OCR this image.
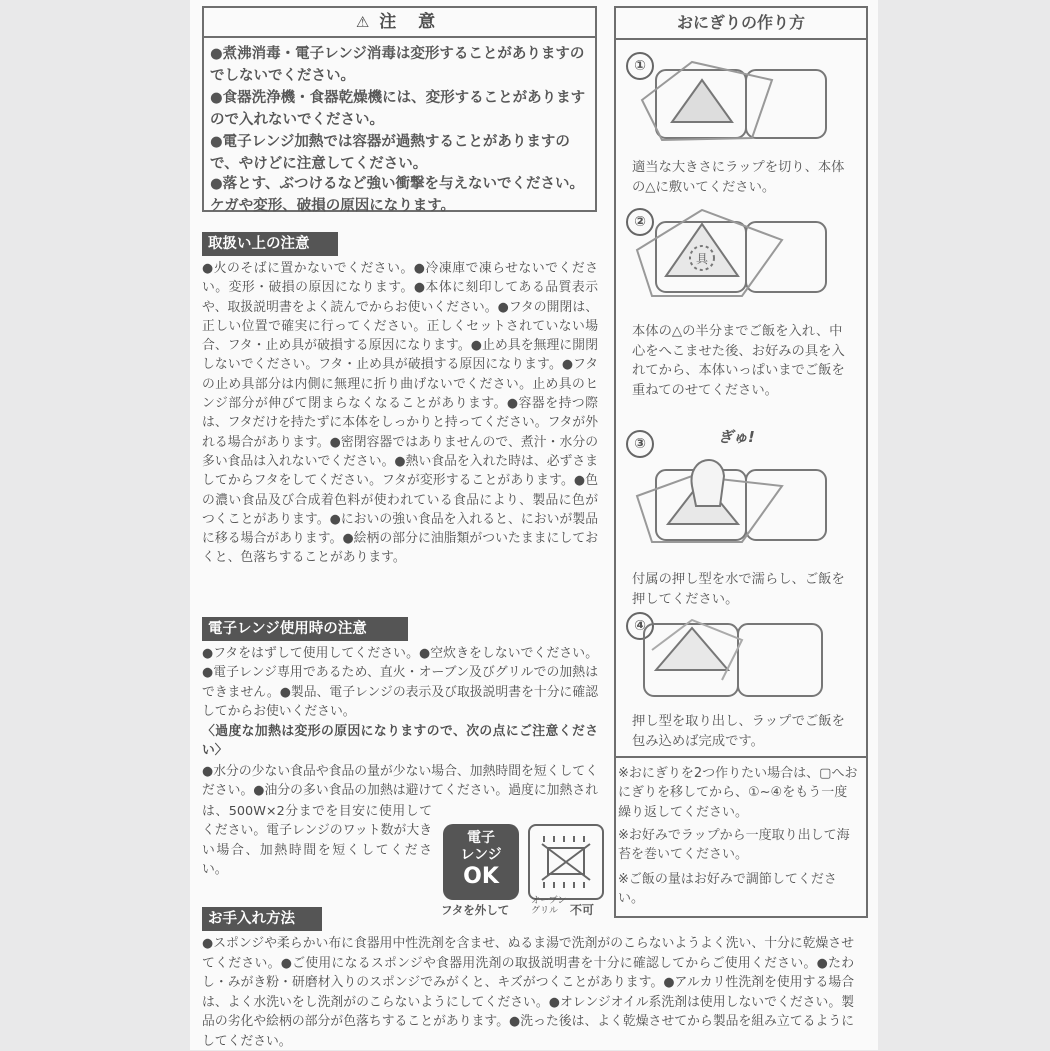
⚠ 注 意
●煮沸消毒・電子レンジ消毒は変形することがありますのでしないでください。
●食器洗浄機・食器乾燥機には、変形することがありますので入れないでください。
●電子レンジ加熱では容器が過熱することがありますので、やけどに注意してください。
●落とす、ぶつけるなど強い衝撃を与えないでください。ケガや変形、破損の原因になります。
取扱い上の注意
●火のそばに置かないでください。●冷凍庫で凍らせないでください。変形・破損の原因になります。●本体に刻印してある品質表示や、取扱説明書をよく読んでからお使いください。●フタの開閉は、正しい位置で確実に行ってください。正しくセットされていない場合、フタ・止め具が破損する原因になります。●止め具を無理に開閉しないでください。フタ・止め具が破損する原因になります。●フタの止め具部分は内側に無理に折り曲げないでください。止め具のヒンジ部分が伸びて閉まらなくなることがあります。●容器を持つ際は、フタだけを持たずに本体をしっかりと持ってください。フタが外れる場合があります。●密閉容器ではありませんので、煮汁・水分の多い食品は入れないでください。●熱い食品を入れた時は、必ずさましてからフタをしてください。フタが変形することがあります。●色の濃い食品及び合成着色料が使われている食品により、製品に色がつくことがあります。●においの強い食品を入れると、においが製品に移る場合があります。●絵柄の部分に油脂類がついたままにしておくと、色落ちすることがあります。
電子レンジ使用時の注意
●フタをはずして使用してください。●空炊きをしないでください。●電子レンジ専用であるため、直火・オーブン及びグリルでの加熱はできません。●製品、電子レンジの表示及び取扱説明書を十分に確認してからお使いください。
〈過度な加熱は変形の原因になりますので、次の点にご注意ください〉
●水分の少ない食品や食品の量が少ない場合、加熱時間を短くしてください。●油分の多い食品の加熱は避けてください。過度に加熱され
は、500W×2分までを目安に使用してください。電子レンジのワット数が大きい場合、加熱時間を短くしてください。
電子
レンジ
OK
フタを外して
オーブン
グリル 不可
お手入れ方法
●スポンジや柔らかい布に食器用中性洗剤を含ませ、ぬるま湯で洗剤がのこらないようよく洗い、十分に乾燥させてください。●ご使用になるスポンジや食器用洗剤の取扱説明書を十分に確認してからご使用ください。●たわし・みがき粉・研磨材入りのスポンジでみがくと、キズがつくことがあります。●アルカリ性洗剤を使用する場合は、よく水洗いをし洗剤がのこらないようにしてください。●オレンジオイル系洗剤は使用しないでください。製品の劣化や絵柄の部分が色落ちすることがあります。●洗った後は、よく乾燥させてから製品を組み立てるようにしてください。
おにぎりの作り方
①
適当な大きさにラップを切り、本体の△に敷いてください。
②
具
本体の△の半分までご飯を入れ、中心をへこませた後、お好みの具を入れてから、本体いっぱいまでご飯を重ねてのせてください。
③	ぎゅ!
付属の押し型を水で濡らし、ご飯を押してください。
④
押し型を取り出し、ラップでご飯を包み込めば完成です。
※おにぎりを2つ作りたい場合は、▢へおにぎりを移してから、①~④をもう一度繰り返してください。
※お好みでラップから一度取り出して海苔を巻いてください。
※ご飯の量はお好みで調節してください。
